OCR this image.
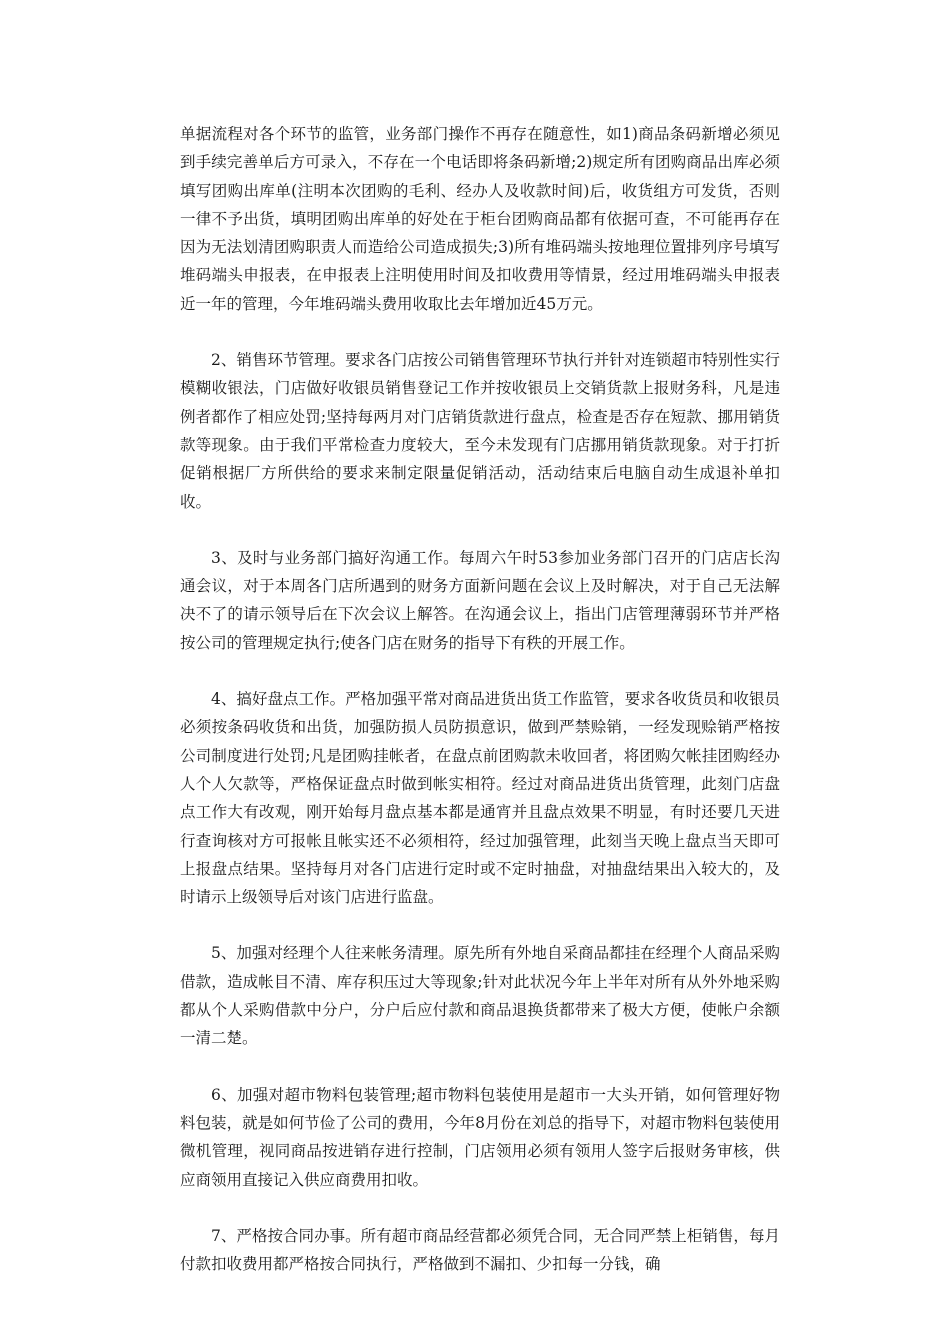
单据流程对各个环节的监管，业务部门操作不再存在随意性，如1)商品条码新增必须见到手续完善单后方可录入，不存在一个电话即将条码新增;2)规定所有团购商品出库必须填写团购出库单(注明本次团购的毛利、经办人及收款时间)后，收货组方可发货，否则一律不予出货，填明团购出库单的好处在于柜台团购商品都有依据可查，不可能再存在因为无法划清团购职责人而造给公司造成损失;3)所有堆码端头按地理位置排列序号填写堆码端头申报表，在申报表上注明使用时间及扣收费用等情景，经过用堆码端头申报表近一年的管理，今年堆码端头费用收取比去年增加近45万元。

2、销售环节管理。要求各门店按公司销售管理环节执行并针对连锁超市特别性实行模糊收银法，门店做好收银员销售登记工作并按收银员上交销货款上报财务科，凡是违例者都作了相应处罚;坚持每两月对门店销货款进行盘点，检查是否存在短款、挪用销货款等现象。由于我们平常检查力度较大，至今未发现有门店挪用销货款现象。对于打折促销根据厂方所供给的要求来制定限量促销活动，活动结束后电脑自动生成退补单扣收。

3、及时与业务部门搞好沟通工作。每周六午时53参加业务部门召开的门店店长沟通会议，对于本周各门店所遇到的财务方面新问题在会议上及时解决，对于自己无法解决不了的请示领导后在下次会议上解答。在沟通会议上，指出门店管理薄弱环节并严格按公司的管理规定执行;使各门店在财务的指导下有秩的开展工作。

4、搞好盘点工作。严格加强平常对商品进货出货工作监管，要求各收货员和收银员必须按条码收货和出货，加强防损人员防损意识，做到严禁赊销，一经发现赊销严格按公司制度进行处罚;凡是团购挂帐者，在盘点前团购款未收回者，将团购欠帐挂团购经办人个人欠款等，严格保证盘点时做到帐实相符。经过对商品进货出货管理，此刻门店盘点工作大有改观，刚开始每月盘点基本都是通宵并且盘点效果不明显，有时还要几天进行查询核对方可报帐且帐实还不必须相符，经过加强管理，此刻当天晚上盘点当天即可上报盘点结果。坚持每月对各门店进行定时或不定时抽盘，对抽盘结果出入较大的，及时请示上级领导后对该门店进行监盘。

5、加强对经理个人往来帐务清理。原先所有外地自采商品都挂在经理个人商品采购借款，造成帐目不清、库存积压过大等现象;针对此状况今年上半年对所有从外外地采购都从个人采购借款中分户，分户后应付款和商品退换货都带来了极大方便，使帐户余额一清二楚。

6、加强对超市物料包装管理;超市物料包装使用是超市一大头开销，如何管理好物料包装，就是如何节俭了公司的费用，今年8月份在刘总的指导下，对超市物料包装使用微机管理，视同商品按进销存进行控制，门店领用必须有领用人签字后报财务审核，供应商领用直接记入供应商费用扣收。

7、严格按合同办事。所有超市商品经营都必须凭合同，无合同严禁上柜销售，每月付款扣收费用都严格按合同执行，严格做到不漏扣、少扣每一分钱，确
